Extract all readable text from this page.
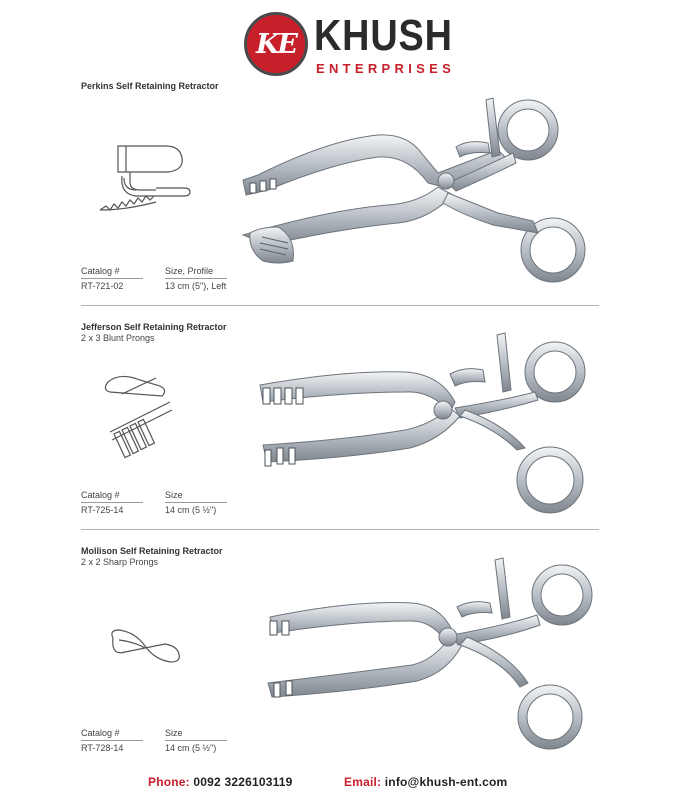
KE KHUSH
ENTERPRISES
Perkins Self Retaining Retractor
Catalog #	Size, Profile
RT-721-02	13 cm (5"), Left
Jefferson Self Retaining Retractor
2 x 3 Blunt Prongs
Catalog #	Size
RT-725-14	14 cm (5 ½")
Mollison Self Retaining Retractor
2 x 2 Sharp Prongs
Catalog #	Size
RT-728-14	14 cm (5 ½")
Phone: 0092 3226103119	Email: info@khush-ent.com
